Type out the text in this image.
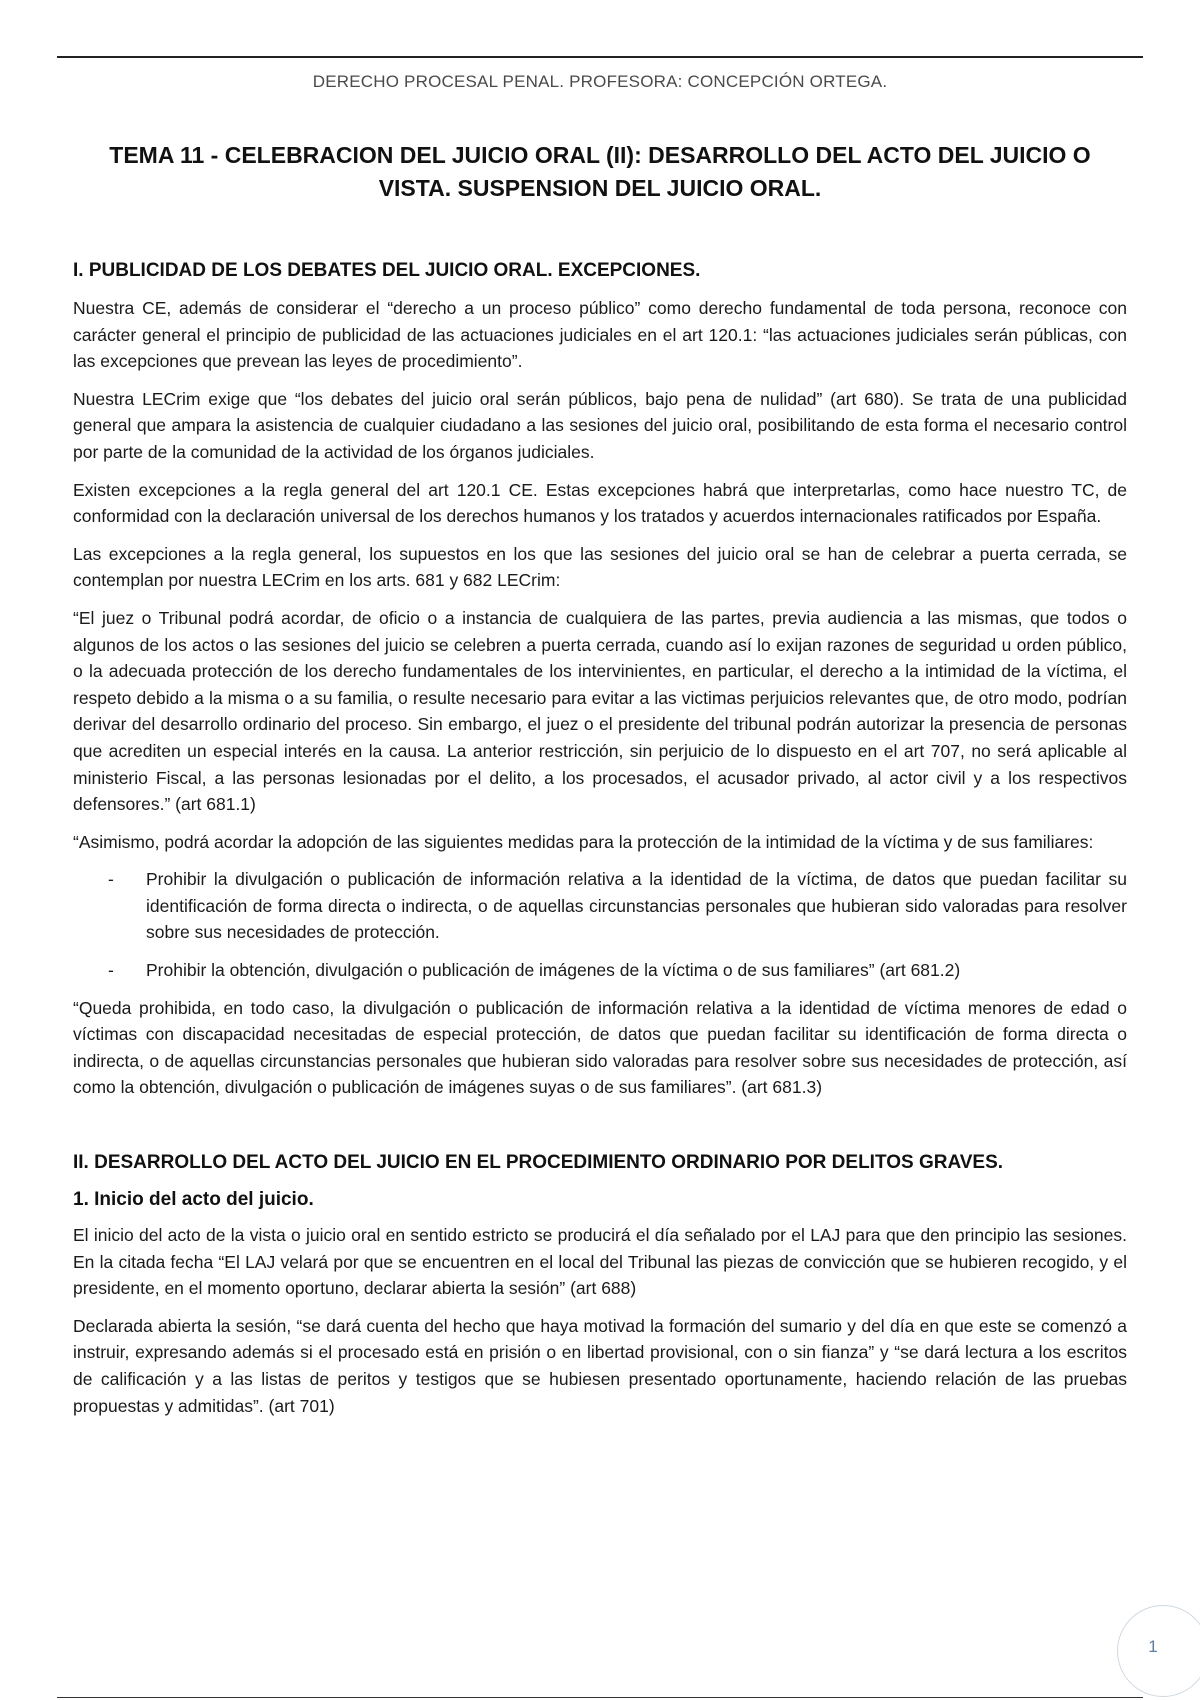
DERECHO PROCESAL PENAL. PROFESORA: CONCEPCIÓN ORTEGA.
TEMA 11 - CELEBRACION DEL JUICIO ORAL (II): DESARROLLO DEL ACTO DEL JUICIO O
VISTA. SUSPENSION DEL JUICIO ORAL.
I. PUBLICIDAD DE LOS DEBATES DEL JUICIO ORAL. EXCEPCIONES.

Nuestra CE, además de considerar el “derecho a un proceso público” como derecho fundamental de toda persona, reconoce con carácter general el principio de publicidad de las actuaciones judiciales en el art 120.1: “las actuaciones judiciales serán públicas, con las excepciones que prevean las leyes de procedimiento”.

Nuestra LECrim exige que “los debates del juicio oral serán públicos, bajo pena de nulidad” (art 680). Se trata de una publicidad general que ampara la asistencia de cualquier ciudadano a las sesiones del juicio oral, posibilitando de esta forma el necesario control por parte de la comunidad de la actividad de los órganos judiciales.

Existen excepciones a la regla general del art 120.1 CE. Estas excepciones habrá que interpretarlas, como hace nuestro TC, de conformidad con la declaración universal de los derechos humanos y los tratados y acuerdos internacionales ratificados por España.

Las excepciones a la regla general, los supuestos en los que las sesiones del juicio oral se han de celebrar a puerta cerrada, se contemplan por nuestra LECrim en los arts. 681 y 682 LECrim:

“El juez o Tribunal podrá acordar, de oficio o a instancia de cualquiera de las partes, previa audiencia a las mismas, que todos o algunos de los actos o las sesiones del juicio se celebren a puerta cerrada, cuando así lo exijan razones de seguridad u orden público, o la adecuada protección de los derecho fundamentales de los intervinientes, en particular, el derecho a la intimidad de la víctima, el respeto debido a la misma o a su familia, o resulte necesario para evitar a las victimas perjuicios relevantes que, de otro modo, podrían derivar del desarrollo ordinario del proceso. Sin embargo, el juez o el presidente del tribunal podrán autorizar la presencia de personas que acrediten un especial interés en la causa. La anterior restricción, sin perjuicio de lo dispuesto en el art 707, no será aplicable al ministerio Fiscal, a las personas lesionadas por el delito, a los procesados, el acusador privado, al actor civil y a los respectivos defensores.” (art 681.1)

“Asimismo, podrá acordar la adopción de las siguientes medidas para la protección de la intimidad de la víctima y de sus familiares:

- Prohibir la divulgación o publicación de información relativa a la identidad de la víctima, de datos que puedan facilitar su identificación de forma directa o indirecta, o de aquellas circunstancias personales que hubieran sido valoradas para resolver sobre sus necesidades de protección.
- Prohibir la obtención, divulgación o publicación de imágenes de la víctima o de sus familiares” (art 681.2)

“Queda prohibida, en todo caso, la divulgación o publicación de información relativa a la identidad de víctima menores de edad o víctimas con discapacidad necesitadas de especial protección, de datos que puedan facilitar su identificación de forma directa o indirecta, o de aquellas circunstancias personales que hubieran sido valoradas para resolver sobre sus necesidades de protección, así como la obtención, divulgación o publicación de imágenes suyas o de sus familiares”. (art 681.3)

II. DESARROLLO DEL ACTO DEL JUICIO EN EL PROCEDIMIENTO ORDINARIO POR DELITOS GRAVES.
1. Inicio del acto del juicio.

El inicio del acto de la vista o juicio oral en sentido estricto se producirá el día señalado por el LAJ para que den principio las sesiones. En la citada fecha “El LAJ velará por que se encuentren en el local del Tribunal las piezas de convicción que se hubieren recogido, y el presidente, en el momento oportuno, declarar abierta la sesión” (art 688)

Declarada abierta la sesión, “se dará cuenta del hecho que haya motivad la formación del sumario y del día en que este se comenzó a instruir, expresando además si el procesado está en prisión o en libertad provisional, con o sin fianza” y “se dará lectura a los escritos de calificación y a las listas de peritos y testigos que se hubiesen presentado oportunamente, haciendo relación de las pruebas propuestas y admitidas”. (art 701)

1
